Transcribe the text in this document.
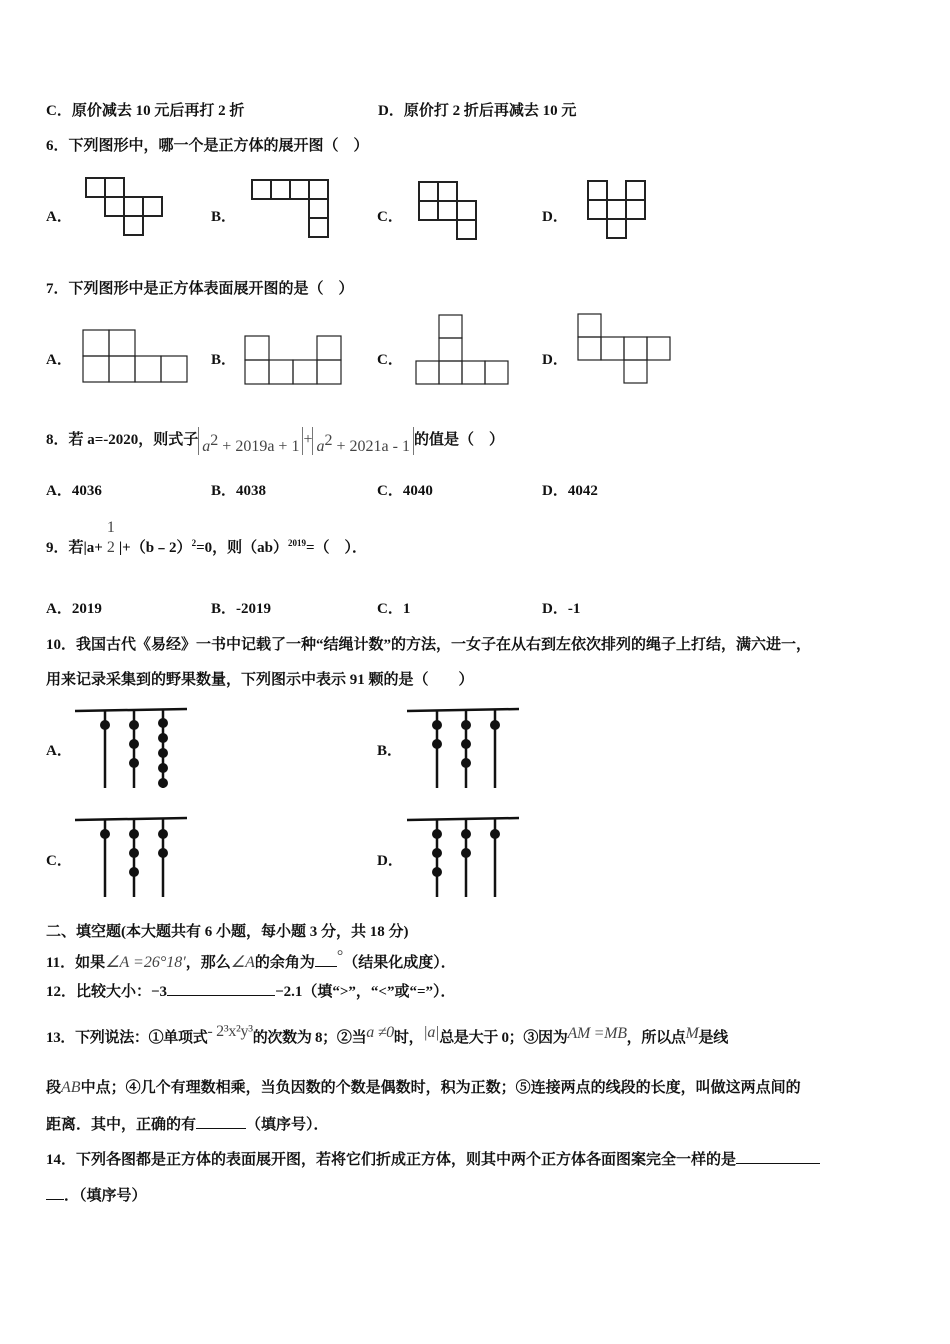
C．原价减去 10 元后再打 2 折	D．原价打 2 折后再减去 10 元
6．下列图形中，哪一个是正方体的展开图（　）
A．	B．	C．	D．
7．下列图形中是正方体表面展开图的是（　）
A．	B．	C．	D．
8．若 a=-2020，则式子 $a^2 + 2019a + 1 + a^2 + 2021a - 1$ 的值是（　）
A．4036	B．4038	C．4040	D．4042
9．若|a+
1
2 |+（b﹣2）$^2$=0，则（ab）$^{2019}$=（　）．
A．2019	B．-2019	C．1	D．-1
10．我国古代《易经》一书中记载了一种“结绳计数”的方法，一女子在从右到左依次排列的绳子上打结，满六进一，
用来记录采集到的野果数量，下列图示中表示 91 颗的是（　　）
A．	B．
C．	D．
二、填空题(本大题共有 6 小题，每小题 3 分，共 18 分)
11．如果∠A =26°18′，那么∠A的余角为 °（结果化成度）．
12．比较大小：−3	−2.1（填“>”，“<”或“=”）．
13．下列说法：①单项式- 2³x²y³的次数为 8；②当a ≠0时，|a|总是大于 0；③因为AM =MB，所以点M是线
段AB中点；④几个有理数相乘，当负因数的个数是偶数时，积为正数；⑤连接两点的线段的长度，叫做这两点间的
距离．其中，正确的有	（填序号）．
14．下列各图都是正方体的表面展开图，若将它们折成正方体，则其中两个正方体各面图案完全一样的是
．（填序号）
